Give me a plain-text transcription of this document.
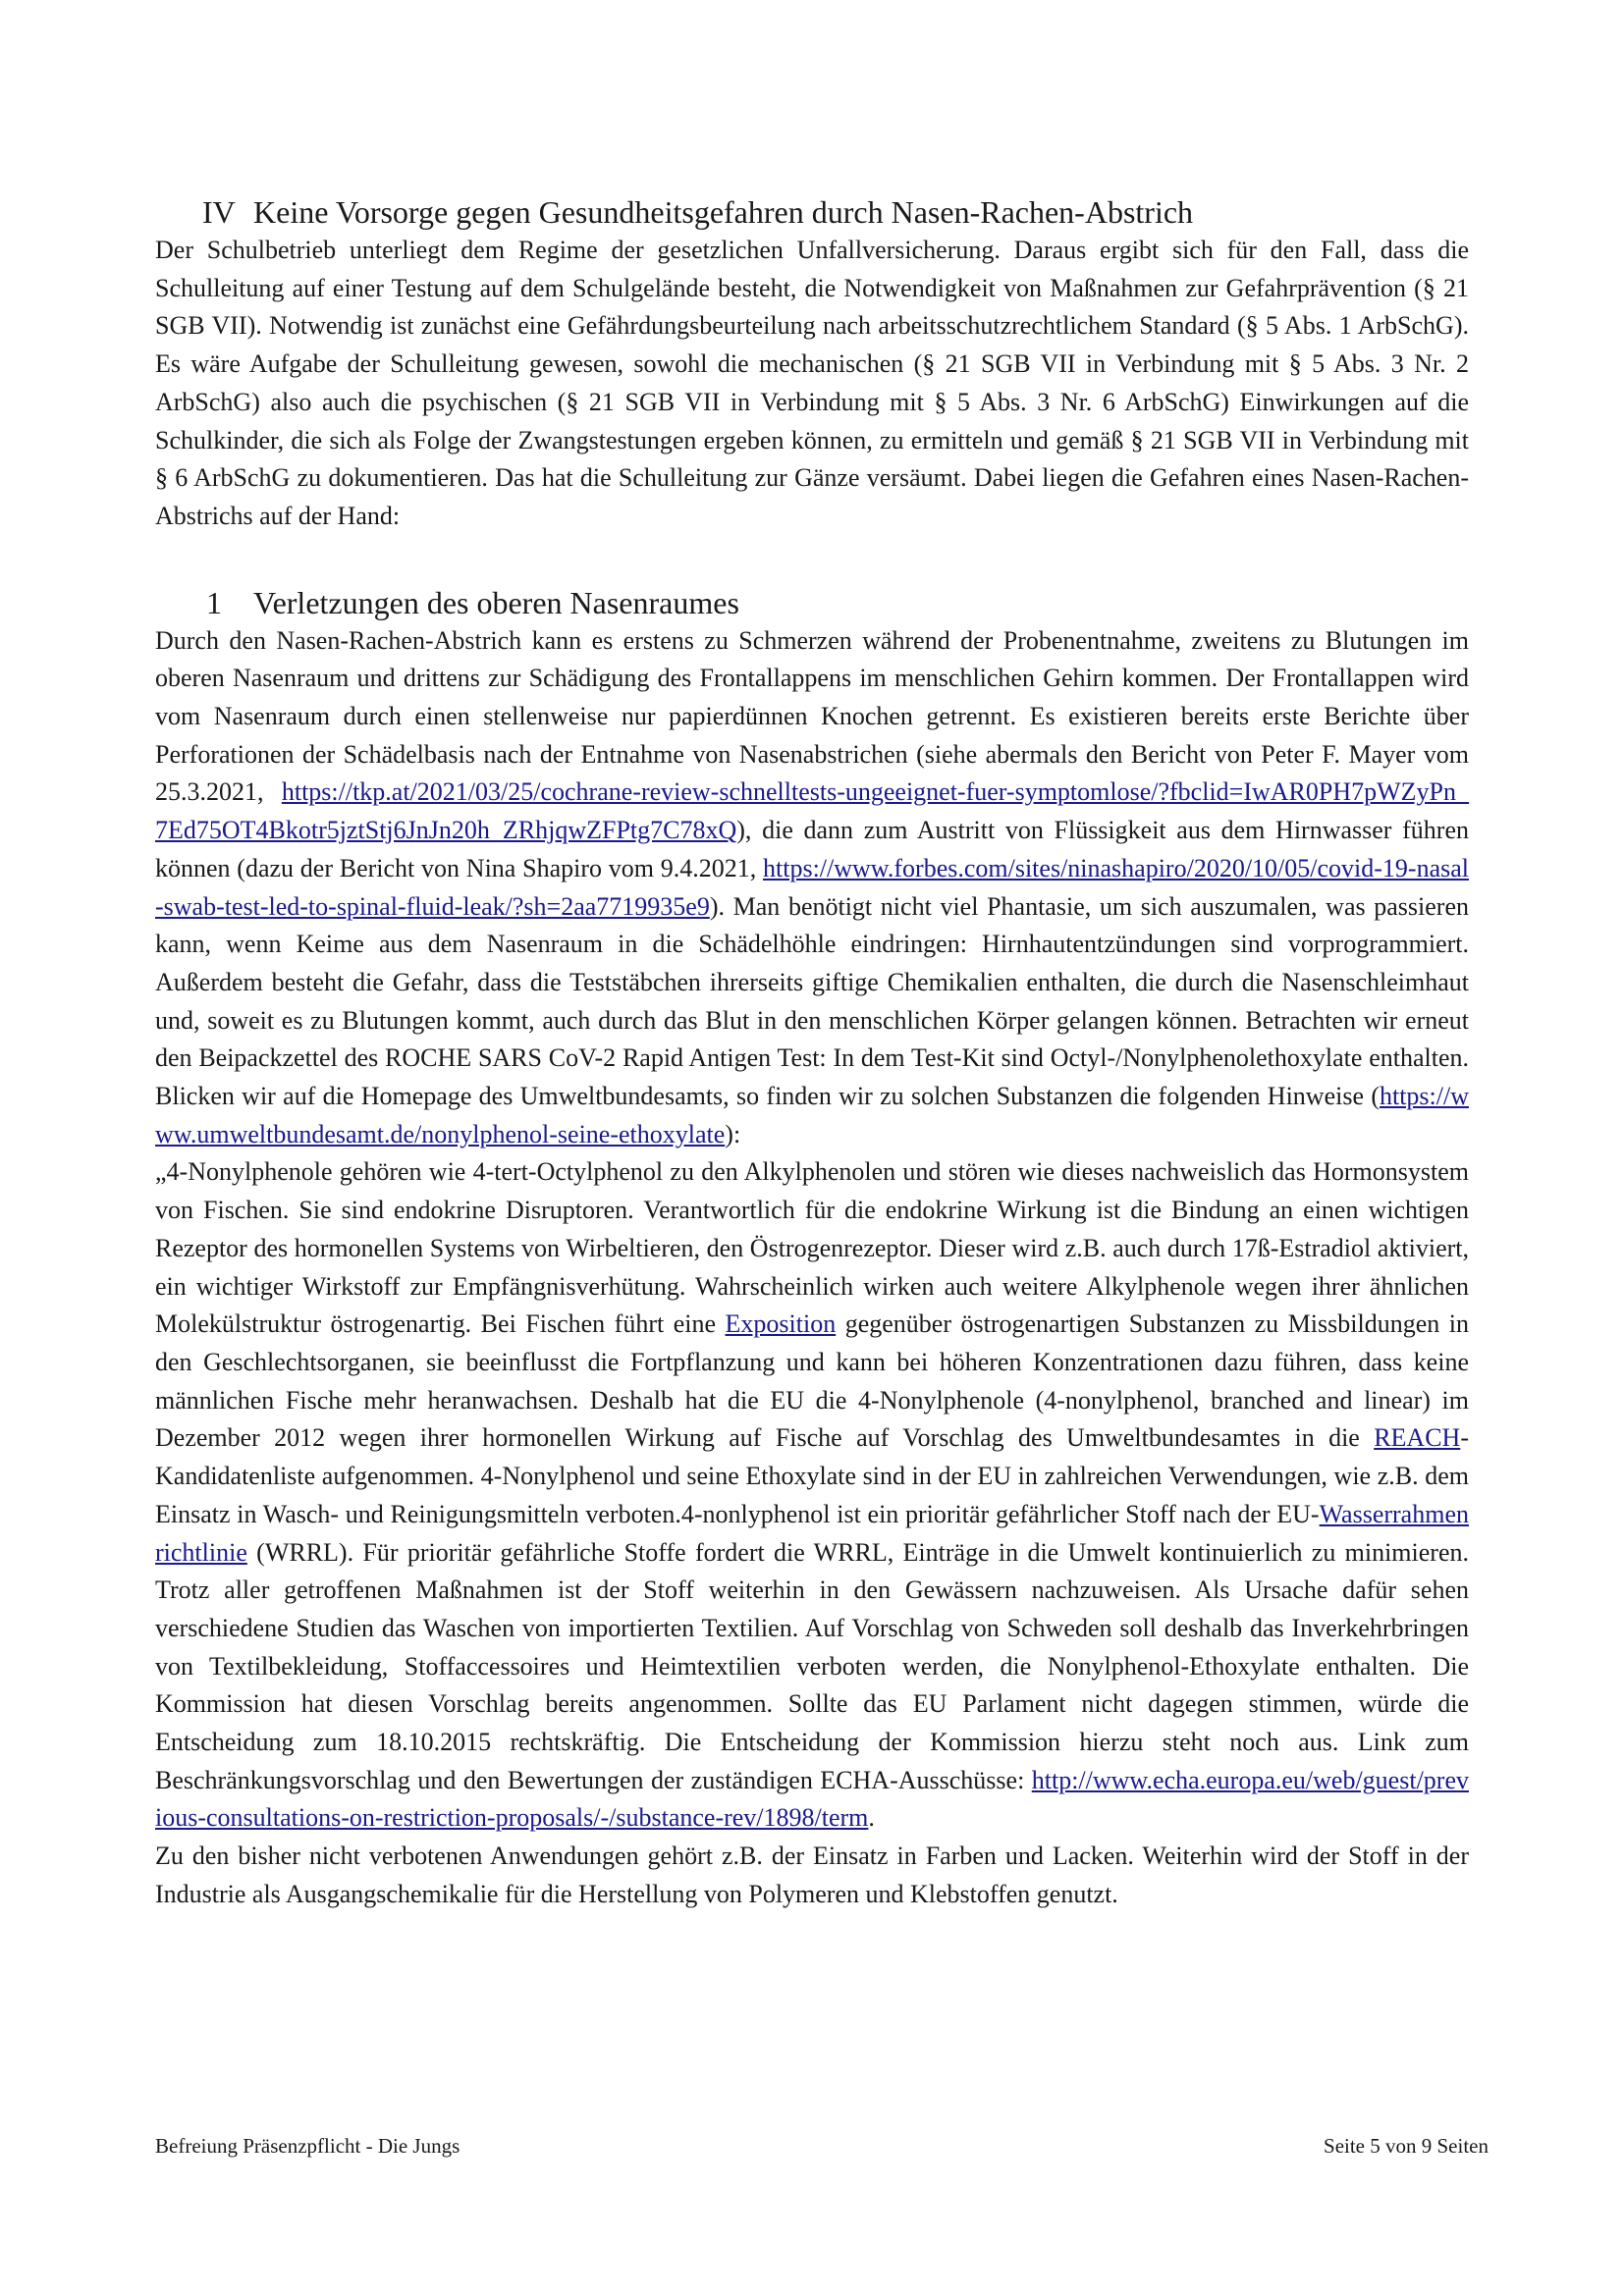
IV Keine Vorsorge gegen Gesundheitsgefahren durch Nasen-Rachen-Abstrich

Der Schulbetrieb unterliegt dem Regime der gesetzlichen Unfallversicherung. Daraus ergibt sich für den Fall, dass die Schulleitung auf einer Testung auf dem Schulgelände besteht, die Notwendigkeit von Maßnahmen zur Gefahrprävention (§ 21 SGB VII). Notwendig ist zunächst eine Gefährdungsbeurteilung nach arbeitsschutzrechtlichem Standard (§ 5 Abs. 1 ArbSchG). Es wäre Aufgabe der Schulleitung gewesen, sowohl die mechanischen (§ 21 SGB VII in Verbindung mit § 5 Abs. 3 Nr. 2 ArbSchG) also auch die psychischen (§ 21 SGB VII in Verbindung mit § 5 Abs. 3 Nr. 6 ArbSchG) Einwirkungen auf die Schulkinder, die sich als Folge der Zwangstestungen ergeben können, zu ermitteln und gemäß § 21 SGB VII in Verbindung mit § 6 ArbSchG zu dokumentieren. Das hat die Schulleitung zur Gänze versäumt. Dabei liegen die Gefahren eines Nasen-Rachen-Abstrichs auf der Hand:

1 Verletzungen des oberen Nasenraumes

Durch den Nasen-Rachen-Abstrich kann es erstens zu Schmerzen während der Probenentnahme, zweitens zu Blutungen im oberen Nasenraum und drittens zur Schädigung des Frontallappens im menschlichen Gehirn kommen. Der Frontallappen wird vom Nasenraum durch einen stellenweise nur papierdünnen Knochen getrennt. Es existieren bereits erste Berichte über Perforationen der Schädelbasis nach der Entnahme von Nasenabstrichen (siehe abermals den Bericht von Peter F. Mayer vom 25.3.2021, https://tkp.at/2021/03/25/cochrane-review-schnelltests-ungeeignet-fuer-symptomlose/?fbclid=IwAR0PH7pWZyPn_7Ed75OT4Bkotr5jztStj6JnJn20h_ZRhjqwZFPtg7C78xQ), die dann zum Austritt von Flüssigkeit aus dem Hirnwasser führen können (dazu der Bericht von Nina Shapiro vom 9.4.2021, https://www.forbes.com/sites/ninashapiro/2020/10/05/covid-19-nasal-swab-test-led-to-spinal-fluid-leak/?sh=2aa7719935e9). Man benötigt nicht viel Phantasie, um sich auszumalen, was passieren kann, wenn Keime aus dem Nasenraum in die Schädelhöhle eindringen: Hirnhautentzündungen sind vorprogrammiert. Außerdem besteht die Gefahr, dass die Teststäbchen ihrerseits giftige Chemikalien enthalten, die durch die Nasenschleimhaut und, soweit es zu Blutungen kommt, auch durch das Blut in den menschlichen Körper gelangen können. Betrachten wir erneut den Beipackzettel des ROCHE SARS CoV-2 Rapid Antigen Test: In dem Test-Kit sind Octyl-/Nonylphenolethoxylate enthalten. Blicken wir auf die Homepage des Umweltbundesamts, so finden wir zu solchen Substanzen die folgenden Hinweise (https://www.umweltbundesamt.de/nonylphenol-seine-ethoxylate):

„4-Nonylphenole gehören wie 4-tert-Octylphenol zu den Alkylphenolen und stören wie dieses nachweislich das Hormonsystem von Fischen. Sie sind endokrine Disruptoren. Verantwortlich für die endokrine Wirkung ist die Bindung an einen wichtigen Rezeptor des hormonellen Systems von Wirbeltieren, den Östrogenrezeptor. Dieser wird z.B. auch durch 17ß-Estradiol aktiviert, ein wichtiger Wirkstoff zur Empfängnisverhütung. Wahrscheinlich wirken auch weitere Alkylphenole wegen ihrer ähnlichen Molekülstruktur östrogenartig. Bei Fischen führt eine Exposition gegenüber östrogenartigen Substanzen zu Missbildungen in den Geschlechtsorganen, sie beeinflusst die Fortpflanzung und kann bei höheren Konzentrationen dazu führen, dass keine männlichen Fische mehr heranwachsen. Deshalb hat die EU die 4-Nonylphenole (4-nonylphenol, branched and linear) im Dezember 2012 wegen ihrer hormonellen Wirkung auf Fische auf Vorschlag des Umweltbundesamtes in die REACH-Kandidatenliste aufgenommen. 4-Nonylphenol und seine Ethoxylate sind in der EU in zahlreichen Verwendungen, wie z.B. dem Einsatz in Wasch- und Reinigungsmitteln verboten.4-nonlyphenol ist ein prioritär gefährlicher Stoff nach der EU-Wasserrahmenrichtlinie (WRRL). Für prioritär gefährliche Stoffe fordert die WRRL, Einträge in die Umwelt kontinuierlich zu minimieren. Trotz aller getroffenen Maßnahmen ist der Stoff weiterhin in den Gewässern nachzuweisen. Als Ursache dafür sehen verschiedene Studien das Waschen von importierten Textilien. Auf Vorschlag von Schweden soll deshalb das Inverkehrbringen von Textilbekleidung, Stoffaccessoires und Heimtextilien verboten werden, die Nonylphenol-Ethoxylate enthalten. Die Kommission hat diesen Vorschlag bereits angenommen. Sollte das EU Parlament nicht dagegen stimmen, würde die Entscheidung zum 18.10.2015 rechtskräftig. Die Entscheidung der Kommission hierzu steht noch aus. Link zum Beschränkungsvorschlag und den Bewertungen der zuständigen ECHA-Ausschüsse: http://www.echa.europa.eu/web/guest/previous-consultations-on-restriction-proposals/-/substance-rev/1898/term.

Zu den bisher nicht verbotenen Anwendungen gehört z.B. der Einsatz in Farben und Lacken. Weiterhin wird der Stoff in der Industrie als Ausgangschemikalie für die Herstellung von Polymeren und Klebstoffen genutzt.

Befreiung Präsenzpflicht - Die Jungs	Seite 5 von 9 Seiten
